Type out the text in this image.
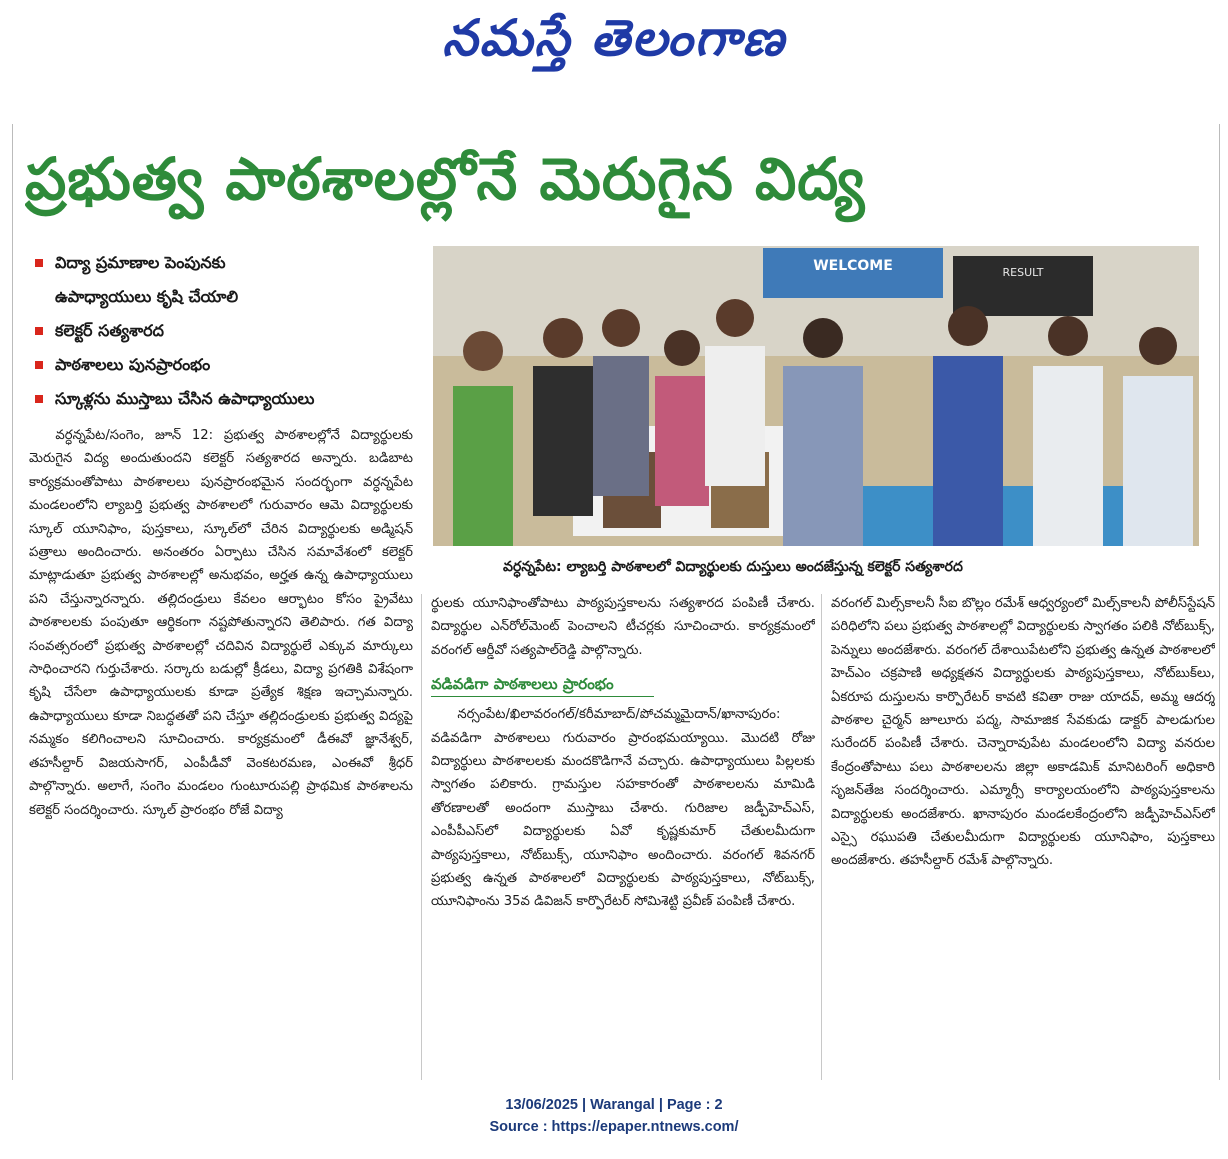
నమస్తే తెలంగాణ
ప్రభుత్వ పాఠశాలల్లోనే మెరుగైన విద్య
విద్యా ప్రమాణాల పెంపునకు
ఉపాధ్యాయులు కృషి చేయాలి
కలెక్టర్ సత్యశారద
పాఠశాలలు పునప్రారంభం
స్కూళ్లను ముస్తాబు చేసిన ఉపాధ్యాయులు

వర్ధన్నపేట/సంగెం, జూన్ 12: ప్రభుత్వ పాఠశాలల్లోనే విద్యార్థులకు మెరుగైన విద్య అందుతుందని కలెక్టర్ సత్యశారద అన్నారు. బడిబాట కార్యక్రమంతోపాటు పాఠశాలలు పునప్రారంభమైన సందర్భంగా వర్ధన్నపేట మండలంలోని ల్యాబర్తి ప్రభుత్వ పాఠశాలలో గురువారం ఆమె విద్యార్థులకు స్కూల్ యూనిఫాం, పుస్తకాలు, స్కూల్‌లో చేరిన విద్యార్థులకు అడ్మిషన్ పత్రాలు అందించారు. అనంతరం ఏర్పాటు చేసిన సమావేశంలో కలెక్టర్ మాట్లాడుతూ ప్రభుత్వ పాఠశాలల్లో అనుభవం, అర్హత ఉన్న ఉపాధ్యాయులు పని చేస్తున్నారన్నారు. తల్లిదండ్రులు కేవలం ఆర్భాటం కోసం ప్రైవేటు పాఠశాలలకు పంపుతూ ఆర్థికంగా నష్టపోతున్నారని తెలిపారు. గత విద్యా సంవత్సరంలో ప్రభుత్వ పాఠశాలల్లో చదివిన విద్యార్థులే ఎక్కువ మార్కులు సాధించారని గుర్తుచేశారు. సర్కారు బడుల్లో క్రీడలు, విద్యా ప్రగతికి విశేషంగా కృషి చేసేలా ఉపాధ్యాయులకు కూడా ప్రత్యేక శిక్షణ ఇచ్చామన్నారు. ఉపాధ్యాయులు కూడా నిబద్ధతతో పని చేస్తూ తల్లిదండ్రులకు ప్రభుత్వ విద్యపై నమ్మకం కలిగించాలని సూచించారు. కార్యక్రమంలో డీఈవో జ్ఞానేశ్వర్, తహసీల్దార్ విజయసాగర్, ఎంపీడీవో వెంకటరమణ, ఎంఈవో శ్రీధర్ పాల్గొన్నారు. అలాగే, సంగెం మండలం గుంటూరుపల్లి ప్రాథమిక పాఠశాలను కలెక్టర్ సందర్శించారు. స్కూల్ ప్రారంభం రోజే విద్యా

WELCOME	RESULT
వర్ధన్నపేట: ల్యాబర్తి పాఠశాలలో విద్యార్థులకు దుస్తులు అందజేస్తున్న కలెక్టర్ సత్యశారద

ర్థులకు యూనిఫాంతోపాటు పాఠ్యపుస్తకాలను సత్యశారద పంపిణీ చేశారు. విద్యార్థుల ఎన్‌రోల్‌మెంట్ పెంచాలని టీచర్లకు సూచించారు. కార్యక్రమంలో వరంగల్ ఆర్డీవో సత్యపాల్‌రెడ్డి పాల్గొన్నారు.

వడివడిగా పాఠశాలలు ప్రారంభం

నర్సంపేట/ఖిలావరంగల్/కరీమాబాద్/పోచమ్మమైదాన్/ఖానాపురం: వడివడిగా పాఠశాలలు గురువారం ప్రారంభమయ్యాయి. మొదటి రోజు విద్యార్థులు పాఠశాలలకు మందకొడిగానే వచ్చారు. ఉపాధ్యాయులు పిల్లలకు స్వాగతం పలికారు. గ్రామస్తుల సహకారంతో పాఠశాలలను మామిడి తోరణాలతో అందంగా ముస్తాబు చేశారు. గురిజాల జడ్పీహెచ్ఎస్, ఎంపీపీఎస్‌లో విద్యార్థులకు ఏవో కృష్ణకుమార్ చేతులమీదుగా పాఠ్యపుస్తకాలు, నోట్‌బుక్స్, యూనిఫాం అందించారు. వరంగల్ శివనగర్ ప్రభుత్వ ఉన్నత పాఠశాలలో విద్యార్థులకు పాఠ్యపుస్తకాలు, నోట్‌బుక్స్, యూనిఫాంను 35వ డివిజన్ కార్పొరేటర్ సోమిశెట్టి ప్రవీణ్ పంపిణీ చేశారు.

వరంగల్ మిల్స్‌కాలనీ సీఐ బొల్లం రమేశ్ ఆధ్వర్యంలో మిల్స్‌కాలనీ పోలీస్‌స్టేషన్ పరిధిలోని పలు ప్రభుత్వ పాఠశాలల్లో విద్యార్థులకు స్వాగతం పలికి నోట్‌బుక్స్, పెన్నులు అందజేశారు. వరంగల్ దేశాయిపేటలోని ప్రభుత్వ ఉన్నత పాఠశాలలో హెచ్ఎం చక్రపాణి అధ్యక్షతన విద్యార్థులకు పాఠ్యపుస్తకాలు, నోట్‌బుక్‌లు, ఏకరూప దుస్తులను కార్పొరేటర్ కావటి కవితా రాజు యాదవ్, అమ్మ ఆదర్శ పాఠశాల చైర్మన్ జూలూరు పద్మ, సామాజిక సేవకుడు డాక్టర్ పాలడుగుల సురేందర్ పంపిణీ చేశారు. చెన్నారావుపేట మండలంలోని విద్యా వనరుల కేంద్రంతోపాటు పలు పాఠశాలలను జిల్లా అకాడమిక్ మానిటరింగ్ అధికారి సృజన్‌తేజ సందర్శించారు. ఎమ్మార్సీ కార్యాలయంలోని పాఠ్యపుస్తకాలను విద్యార్థులకు అందజేశారు. ఖానాపురం మండలకేంద్రంలోని జడ్పీహెచ్ఎస్‌లో ఎస్సై రఘుపతి చేతులమీదుగా విద్యార్థులకు యూనిఫాం, పుస్తకాలు అందజేశారు. తహసీల్దార్ రమేశ్ పాల్గొన్నారు.

13/06/2025 | Warangal | Page : 2
Source : https://epaper.ntnews.com/
